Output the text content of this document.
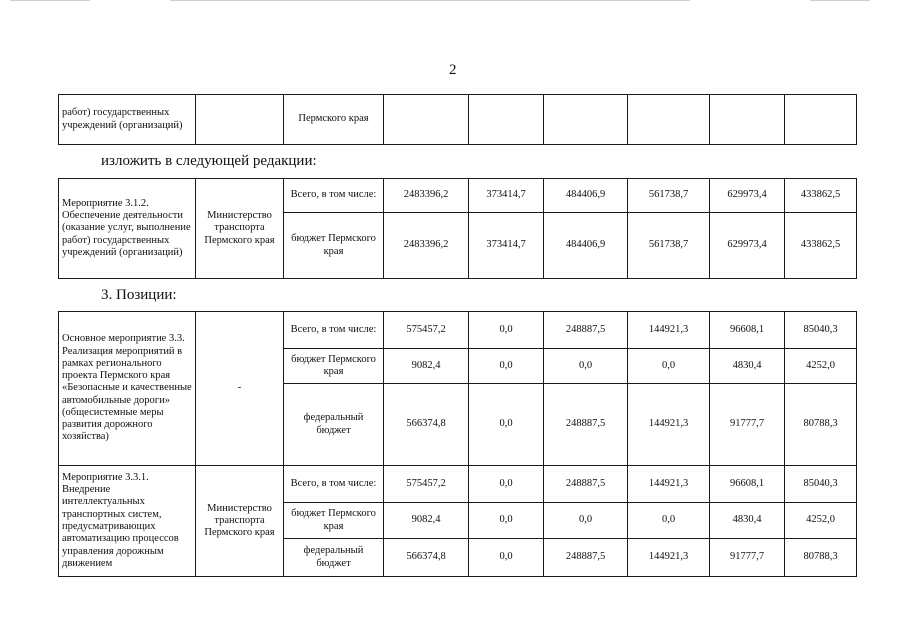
2
работ) государственных учреждений (организаций)		Пермского края						
изложить в следующей редакции:
Мероприятие 3.1.2. Обеспечение деятельности (оказание услуг, выполнение работ) государственных учреждений (организаций)	Министерство транспорта Пермского края	Всего, в том числе:	2483396,2	373414,7	484406,9	561738,7	629973,4	433862,5
		бюджет Пермского края	2483396,2	373414,7	484406,9	561738,7	629973,4	433862,5
3. Позиции:
Основное мероприятие 3.3. Реализация мероприятий в рамках регионального проекта Пермского края «Безопасные и качественные автомобильные дороги» (общесистемные меры развития дорожного хозяйства)	-	Всего, в том числе:	575457,2	0,0	248887,5	144921,3	96608,1	85040,3
		бюджет Пермского края	9082,4	0,0	0,0	0,0	4830,4	4252,0
		федеральный бюджет	566374,8	0,0	248887,5	144921,3	91777,7	80788,3
Мероприятие 3.3.1. Внедрение интеллектуальных транспортных систем, предусматривающих автоматизацию процессов управления дорожным движением	Министерство транспорта Пермского края	Всего, в том числе:	575457,2	0,0	248887,5	144921,3	96608,1	85040,3
		бюджет Пермского края	9082,4	0,0	0,0	0,0	4830,4	4252,0
		федеральный бюджет	566374,8	0,0	248887,5	144921,3	91777,7	80788,3
